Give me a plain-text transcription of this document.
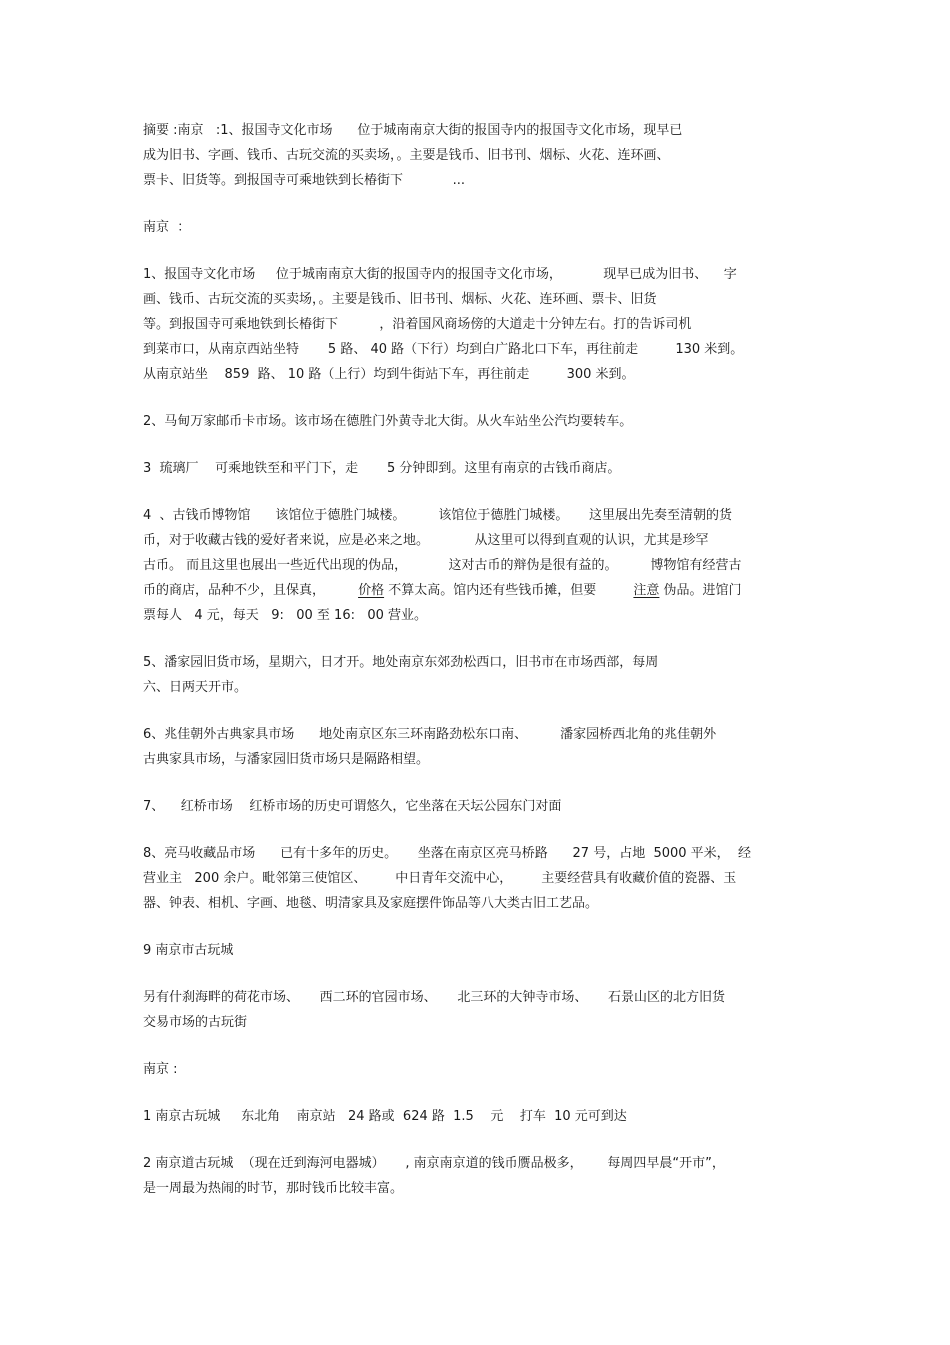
摘要 :南京   :1、报国寺文化市场      位于城南南京大街的报国寺内的报国寺文化市场，现早已
成为旧书、字画、钱币、古玩交流的买卖场，。主要是钱币、旧书刊、烟标、火花、连环画、
票卡、旧货等。到报国寺可乘地铁到长椿街下            ...
南京  ：
1、报国寺文化市场     位于城南南京大街的报国寺内的报国寺文化市场，          现早已成为旧书、    字
画、钱币、古玩交流的买卖场，。主要是钱币、旧书刊、烟标、火花、连环画、票卡、旧货
等。到报国寺可乘地铁到长椿街下          ，沿着国风商场傍的大道走十分钟左右。打的告诉司机
到菜市口，从南京西站坐特       5 路、 40 路（下行）均到白广路北口下车，再往前走         130 米到。
从南京站坐    859  路、 10 路（上行）均到牛街站下车，再往前走         300 米到。
2、马甸万家邮币卡市场。该市场在德胜门外黄寺北大街。从火车站坐公汽均要转车。
3  琉璃厂    可乘地铁至和平门下，走       5 分钟即到。这里有南京的古钱币商店。
4  、古钱币博物馆      该馆位于德胜门城楼。        该馆位于德胜门城楼。     这里展出先奏至清朝的货
币，对于收藏古钱的爱好者来说，应是必来之地。           从这里可以得到直观的认识，尤其是珍罕
古币。 而且这里也展出一些近代出现的伪品，          这对古币的辩伪是很有益的。        博物馆有经营古
币的商店，品种不少，且保真，        价格 不算太高。馆内还有些钱币摊，但要         注意 伪品。进馆门
票每人   4 元，每天   9:   00 至 16:   00 营业。
5、潘家园旧货市场，星期六，日才开。地处南京东郊劲松西口，旧书市在市场西部，每周
六、日两天开市。
6、兆佳朝外古典家具市场      地处南京区东三环南路劲松东口南、        潘家园桥西北角的兆佳朝外
古典家具市场，与潘家园旧货市场只是隔路相望。
7、    红桥市场    红桥市场的历史可谓悠久，它坐落在天坛公园东门对面
8、亮马收藏品市场      已有十多年的历史。     坐落在南京区亮马桥路      27 号，占地  5000 平米，  经
营业主   200 余户。毗邻第三使馆区、       中日青年交流中心，       主要经营具有收藏价值的瓷器、玉
器、钟表、相机、字画、地毯、明清家具及家庭摆件饰品等八大类古旧工艺品。
9 南京市古玩城
另有什刹海畔的荷花市场、     西二环的官园市场、     北三环的大钟寺市场、     石景山区的北方旧货
交易市场的古玩街
南京 :
1 南京古玩城     东北角    南京站   24 路或  624 路  1.5    元    打车  10 元可到达
2 南京道古玩城  （现在迁到海河电器城）     , 南京南京道的钱币赝品极多，      每周四早晨“开市”，
是一周最为热闹的时节，那时钱币比较丰富。
